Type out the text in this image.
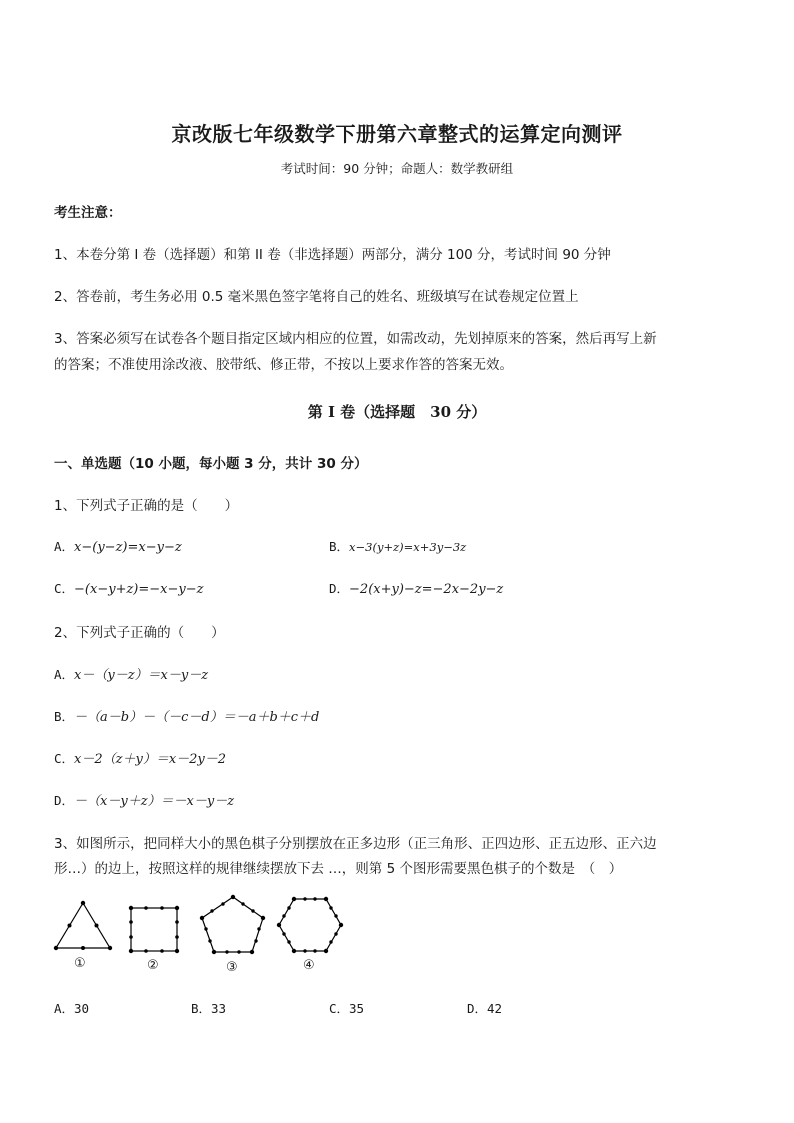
京改版七年级数学下册第六章整式的运算定向测评
考试时间：90 分钟；命题人：数学教研组
考生注意：
1、本卷分第 I 卷（选择题）和第 II 卷（非选择题）两部分，满分 100 分，考试时间 90 分钟
2、答卷前，考生务必用 0.5 毫米黑色签字笔将自己的姓名、班级填写在试卷规定位置上
3、答案必须写在试卷各个题目指定区域内相应的位置，如需改动，先划掉原来的答案，然后再写上新
的答案；不准使用涂改液、胶带纸、修正带，不按以上要求作答的答案无效。
第 I 卷（选择题　30 分）
一、单选题（10 小题，每小题 3 分，共计 30 分）
1、下列式子正确的是（　　）
A．x−(y−z)=x−y−z	B．x−3(y+z)=x+3y−3z
C．−(x−y+z)=−x−y−z	D．−2(x+y)−z=−2x−2y−z
2、下列式子正确的（　　）
A．x－（y－z）＝x－y－z
B．－（a－b）－（－c－d）＝－a＋b＋c＋d
C．x－2（z＋y）＝x－2y－2
D．－（x－y＋z）＝－x－y－z
3、如图所示，把同样大小的黑色棋子分别摆放在正多边形（正三角形、正四边形、正五边形、正六边
形…）的边上，按照这样的规律继续摆放下去 …，则第 5 个图形需要黑色棋子的个数是　（　）
①	②	③	④
A．30	B．33	C．35	D．42
